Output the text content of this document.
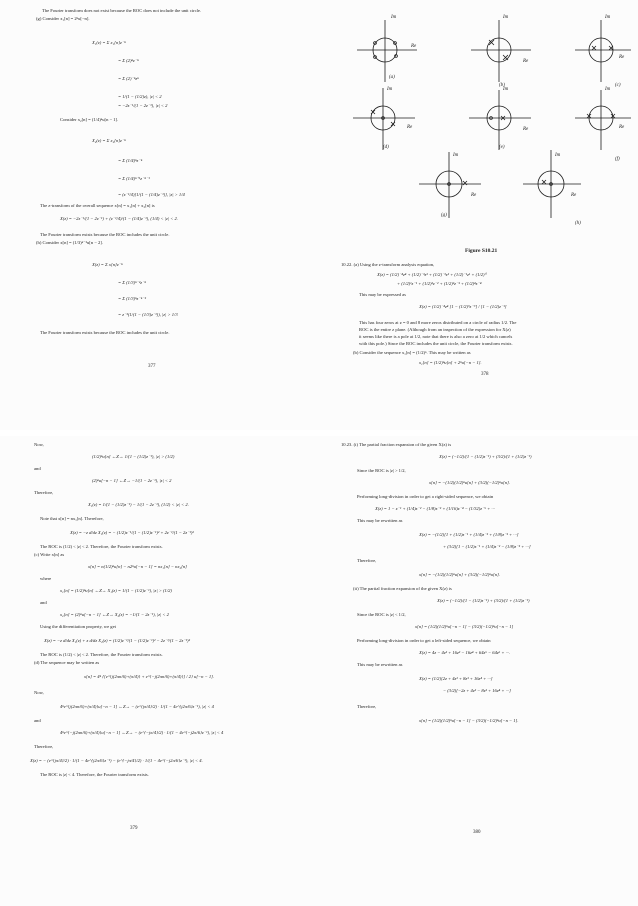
The Fourier transform does not exist because the ROC does not include the unit circle.
(g) Consider x₁[n] = 2ⁿu[−n].
X₁(z) = Σ x₁[n]z⁻ⁿ
= Σ (2)ⁿz⁻ⁿ
= Σ (2)⁻ⁿzⁿ
= 1/(1 − (1/2)z), |z| < 2
= −2z⁻¹/(1 − 2z⁻¹), |z| < 2
Consider x₂[n] = (1/4)ⁿu[n − 1].
X₂(z) = Σ x₂[n]z⁻ⁿ
= Σ (1/4)ⁿz⁻ⁿ
= Σ (1/4)ⁿ⁺¹z⁻ⁿ⁻¹
= (z⁻¹/4)[1/(1 − (1/4)z⁻¹)], |z| > 1/4
The z-transform of the overall sequence x[n] = x₁[n] + x₂[n] is
X(z) = −2z⁻¹/(1 − 2z⁻¹) + (z⁻¹/4)/(1 − (1/4)z⁻¹), (1/4) < |z| < 2.
The Fourier transform exists because the ROC includes the unit circle.
(h) Consider x[n] = (1/3)ⁿ⁻²u[n − 2].
X(z) = Σ x[n]z⁻ⁿ
= Σ (1/3)ⁿ⁻²z⁻ⁿ
= Σ (1/3)ⁿz⁻ⁿ⁻²
= z⁻²(1/(1 − (1/3)z⁻¹)), |z| > 1/3
The Fourier transform exists because the ROC includes the unit circle.
377
Im	Im	Im
Im	Im	Im
Im	Im
Re
Re
Re
Re	Re	Re
Re	Re
(a)
(b)	(c)
(d)	(e)
(f)
(g)
(h)
Figure S10.21
10.22. (a) Using the z-transform analysis equation,
X(z) = (1/2)⁻⁴z⁴ + (1/2)⁻³z³ + (1/2)⁻²z² + (1/2)⁻¹z¹ + (1/2)⁰
+ (1/2)¹z⁻¹ + (1/2)²z⁻² + (1/2)³z⁻³ + (1/2)⁴z⁻⁴
This may be expressed as
X(z) = (1/2)⁻⁴z⁴ [1 − (1/2)⁹z⁻⁹] / [1 − (1/2)z⁻¹]
This has four zeros at z = 0 and 8 more zeros distributed on a circle of radius 1/2. The
ROC is the entire z plane. (Although from an inspection of the expression for X(z)
it seems like there is a pole at 1/2, note that there is also a zero at 1/2 which cancels
with this pole.) Since the ROC includes the unit circle, the Fourier transform exists.
(b) Consider the sequence x₁[n] = (1/2)ⁿ. This may be written as
x₁[n] = (1/2)ⁿu[n] + 2ⁿu[−n − 1].
378
Now,
(1/2)ⁿu[n] ←Z→ 1/(1 − (1/2)z⁻¹), |z| > (1/2)
and
(2)ⁿu[−n − 1] ←Z→ −1/(1 − 2z⁻¹), |z| < 2
Therefore,
X₁(z) = 1/(1 − (1/2)z⁻¹) − 1/(1 − 2z⁻¹), (1/2) < |z| < 2.
Note that x[n] = nx₁[n]. Therefore,
X(z) = −z d/dz X₁(z) = − (1/2)z⁻¹/(1 − (1/2)z⁻¹)² + 2z⁻¹/(1 − 2z⁻¹)²
The ROC is (1/2) < |z| < 2. Therefore, the Fourier transform exists.
(c) Write x[n] as
x[n] = n(1/2)ⁿu[n] − n2ⁿu[−n − 1] = nx₁[n] − nx₂[n]
where
x₁[n] = (1/2)ⁿu[n] ←Z→ X₁(z) = 1/(1 − (1/2)z⁻¹), |z| > (1/2)
and
x₂[n] = (2)ⁿu[−n − 1] ←Z→ X₂(z) = −1/(1 − 2z⁻¹), |z| < 2
Using the differentiation property, we get
X(z) = −z d/dz X₁(z) + z d/dz X₂(z) = (1/2)z⁻¹/(1 − (1/2)z⁻¹)² − 2z⁻¹/(1 − 2z⁻¹)²
The ROC is (1/2) < |z| < 2. Therefore, the Fourier transform exists.
(d) The sequence may be written as
x[n] = 4ⁿ {[e^{j(2πn/6)+(π/4)} + e^{−j(2πn/6)+(π/4)}] / 2} u[−n − 1].
Now,
4ⁿe^{j(2πn/6)+(π/4)}u[−n − 1] ←Z→ − (e^{jπ/4}/2) · 1/(1 − 4e^{j2π/6}z⁻¹), |z| < 4
and
4ⁿe^{−j(2πn/6)+(π/4)}u[−n − 1] ←Z→ − (e^{−jπ/4}/2) · 1/(1 − 4e^{−j2π/6}z⁻¹), |z| < 4
Therefore,
X(z) = − (e^{jπ/4}/2) · 1/(1 − 4e^{j2π/6}z⁻¹) − (e^{−jπ/4}/2) · 1/(1 − 4e^{−j2π/6}z⁻¹), |z| < 4.
The ROC is |z| < 4. Therefore, the Fourier transform exists.
379
10.23. (i) The partial fraction expansion of the given X(z) is
X(z) = (−1/2)/(1 − (1/2)z⁻¹) + (3/2)/(1 + (1/2)z⁻¹)
Since the ROC is |z| > 1/2,
x[n] = −(1/2)(1/2)ⁿu[n] + (3/2)(−1/2)ⁿu[n].
Performing long-division in order to get a right-sided sequence, we obtain
X(z) = 1 − z⁻¹ + (1/4)z⁻² − (1/8)z⁻³ + (1/16)z⁻⁴ − (1/32)z⁻⁵ + ···
This may be rewritten as
X(z) = −(1/2)[1 + (1/2)z⁻¹ + (1/4)z⁻² + (1/8)z⁻³ + ···]
+ (3/2)[1 − (1/2)z⁻¹ + (1/4)z⁻² − (1/8)z⁻³ + ···]
Therefore,
x[n] = −(1/2)(1/2)ⁿu[n] + (3/2)(−1/2)ⁿu[n].
(ii) The partial fraction expansion of the given X(z) is
X(z) = (−1/2)/(1 − (1/2)z⁻¹) + (3/2)/(1 + (1/2)z⁻¹)
Since the ROC is |z| < 1/2,
x[n] = (1/2)(1/2)ⁿu[−n − 1] − (3/2)(−1/2)ⁿu[−n − 1]
Performing long-division in order to get a left-sided sequence, we obtain
X(z) = 4z − 4z² + 16z³ − 16z⁴ + 64z⁵ − 64z⁶ + ···.
This may be rewritten as
X(z) = (1/2)[2z + 4z² + 8z³ + 16z⁴ + ···]
− (3/2)[−2z + 4z² − 8z³ + 16z⁴ + ···]
Therefore,
x[n] = (1/2)(1/2)ⁿu[−n − 1] − (3/2)(−1/2)ⁿu[−n − 1].
380
